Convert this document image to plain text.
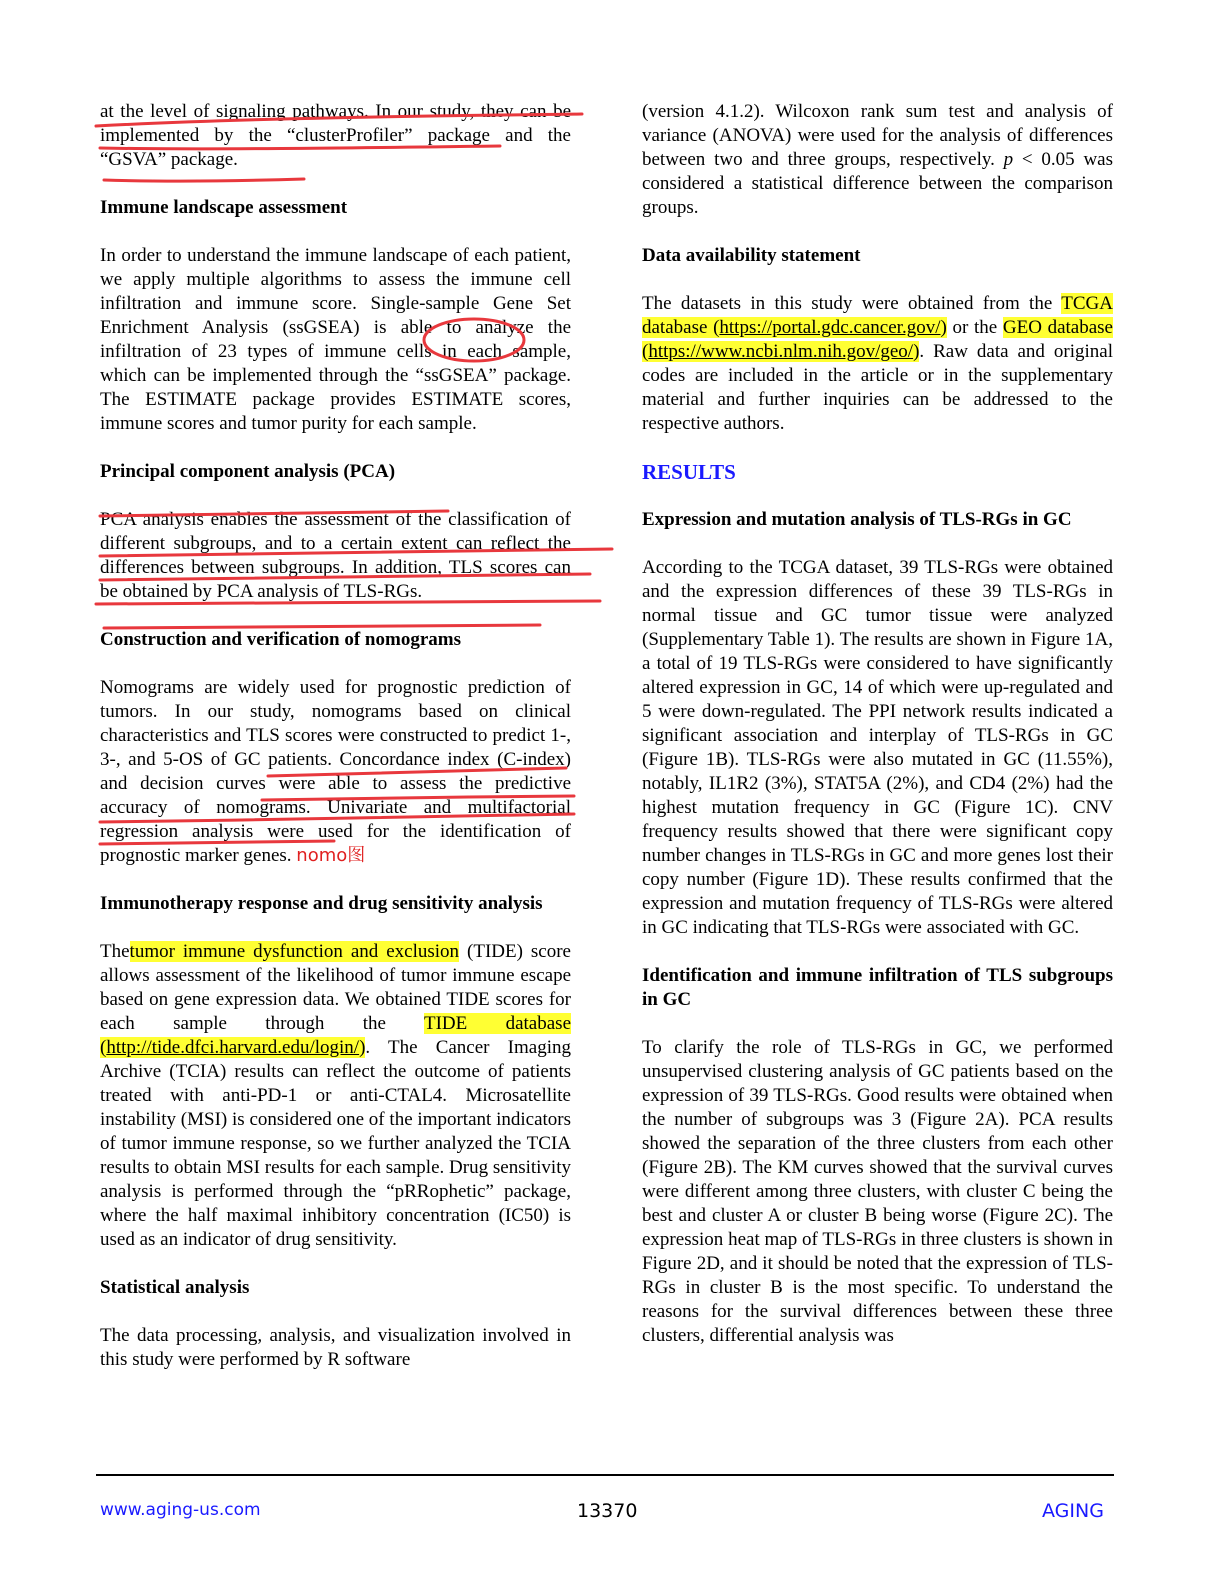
at the level of signaling pathways. In our study, they can be implemented by the “clusterProfiler” package and the “GSVA” package.

Immune landscape assessment

In order to understand the immune landscape of each patient, we apply multiple algorithms to assess the immune cell infiltration and immune score. Single-sample Gene Set Enrichment Analysis (ssGSEA) is able to analyze the infiltration of 23 types of immune cells in each sample, which can be implemented through the “ssGSEA” package. The ESTIMATE package provides ESTIMATE scores, immune scores and tumor purity for each sample.

Principal component analysis (PCA)

PCA analysis enables the assessment of the classification of different subgroups, and to a certain extent can reflect the differences between subgroups. In addition, TLS scores can be obtained by PCA analysis of TLS-RGs.

Construction and verification of nomograms

Nomograms are widely used for prognostic prediction of tumors. In our study, nomograms based on clinical characteristics and TLS scores were constructed to predict 1-, 3-, and 5-OS of GC patients. Concordance index (C-index) and decision curves were able to assess the predictive accuracy of nomograms. Univariate and multifactorial regression analysis were used for the identification of prognostic marker genes. nomo图

Immunotherapy response and drug sensitivity analysis

Thetumor immune dysfunction and exclusion (TIDE) score allows assessment of the likelihood of tumor immune escape based on gene expression data. We obtained TIDE scores for each sample through the TIDE database (http://tide.dfci.harvard.edu/login/). The Cancer Imaging Archive (TCIA) results can reflect the outcome of patients treated with anti-PD-1 or anti-CTAL4. Microsatellite instability (MSI) is considered one of the important indicators of tumor immune response, so we further analyzed the TCIA results to obtain MSI results for each sample. Drug sensitivity analysis is performed through the “pRRophetic” package, where the half maximal inhibitory concentration (IC50) is used as an indicator of drug sensitivity.

Statistical analysis

The data processing, analysis, and visualization involved in this study were performed by R software

(version 4.1.2). Wilcoxon rank sum test and analysis of variance (ANOVA) were used for the analysis of differences between two and three groups, respectively. p < 0.05 was considered a statistical difference between the comparison groups.

Data availability statement

The datasets in this study were obtained from the TCGA database (https://portal.gdc.cancer.gov/) or the GEO database (https://www.ncbi.nlm.nih.gov/geo/). Raw data and original codes are included in the article or in the supplementary material and further inquiries can be addressed to the respective authors.

RESULTS

Expression and mutation analysis of TLS-RGs in GC

According to the TCGA dataset, 39 TLS-RGs were obtained and the expression differences of these 39 TLS-RGs in normal tissue and GC tumor tissue were analyzed (Supplementary Table 1). The results are shown in Figure 1A, a total of 19 TLS-RGs were considered to have significantly altered expression in GC, 14 of which were up-regulated and 5 were down-regulated. The PPI network results indicated a significant association and interplay of TLS-RGs in GC (Figure 1B). TLS-RGs were also mutated in GC (11.55%), notably, IL1R2 (3%), STAT5A (2%), and CD4 (2%) had the highest mutation frequency in GC (Figure 1C). CNV frequency results showed that there were significant copy number changes in TLS-RGs in GC and more genes lost their copy number (Figure 1D). These results confirmed that the expression and mutation frequency of TLS-RGs were altered in GC indicating that TLS-RGs were associated with GC.

Identification and immune infiltration of TLS subgroups in GC

To clarify the role of TLS-RGs in GC, we performed unsupervised clustering analysis of GC patients based on the expression of 39 TLS-RGs. Good results were obtained when the number of subgroups was 3 (Figure 2A). PCA results showed the separation of the three clusters from each other (Figure 2B). The KM curves showed that the survival curves were different among three clusters, with cluster C being the best and cluster A or cluster B being worse (Figure 2C). The expression heat map of TLS-RGs in three clusters is shown in Figure 2D, and it should be noted that the expression of TLS-RGs in cluster B is the most specific. To understand the reasons for the survival differences between these three clusters, differential analysis was

www.aging-us.com	13370	AGING
